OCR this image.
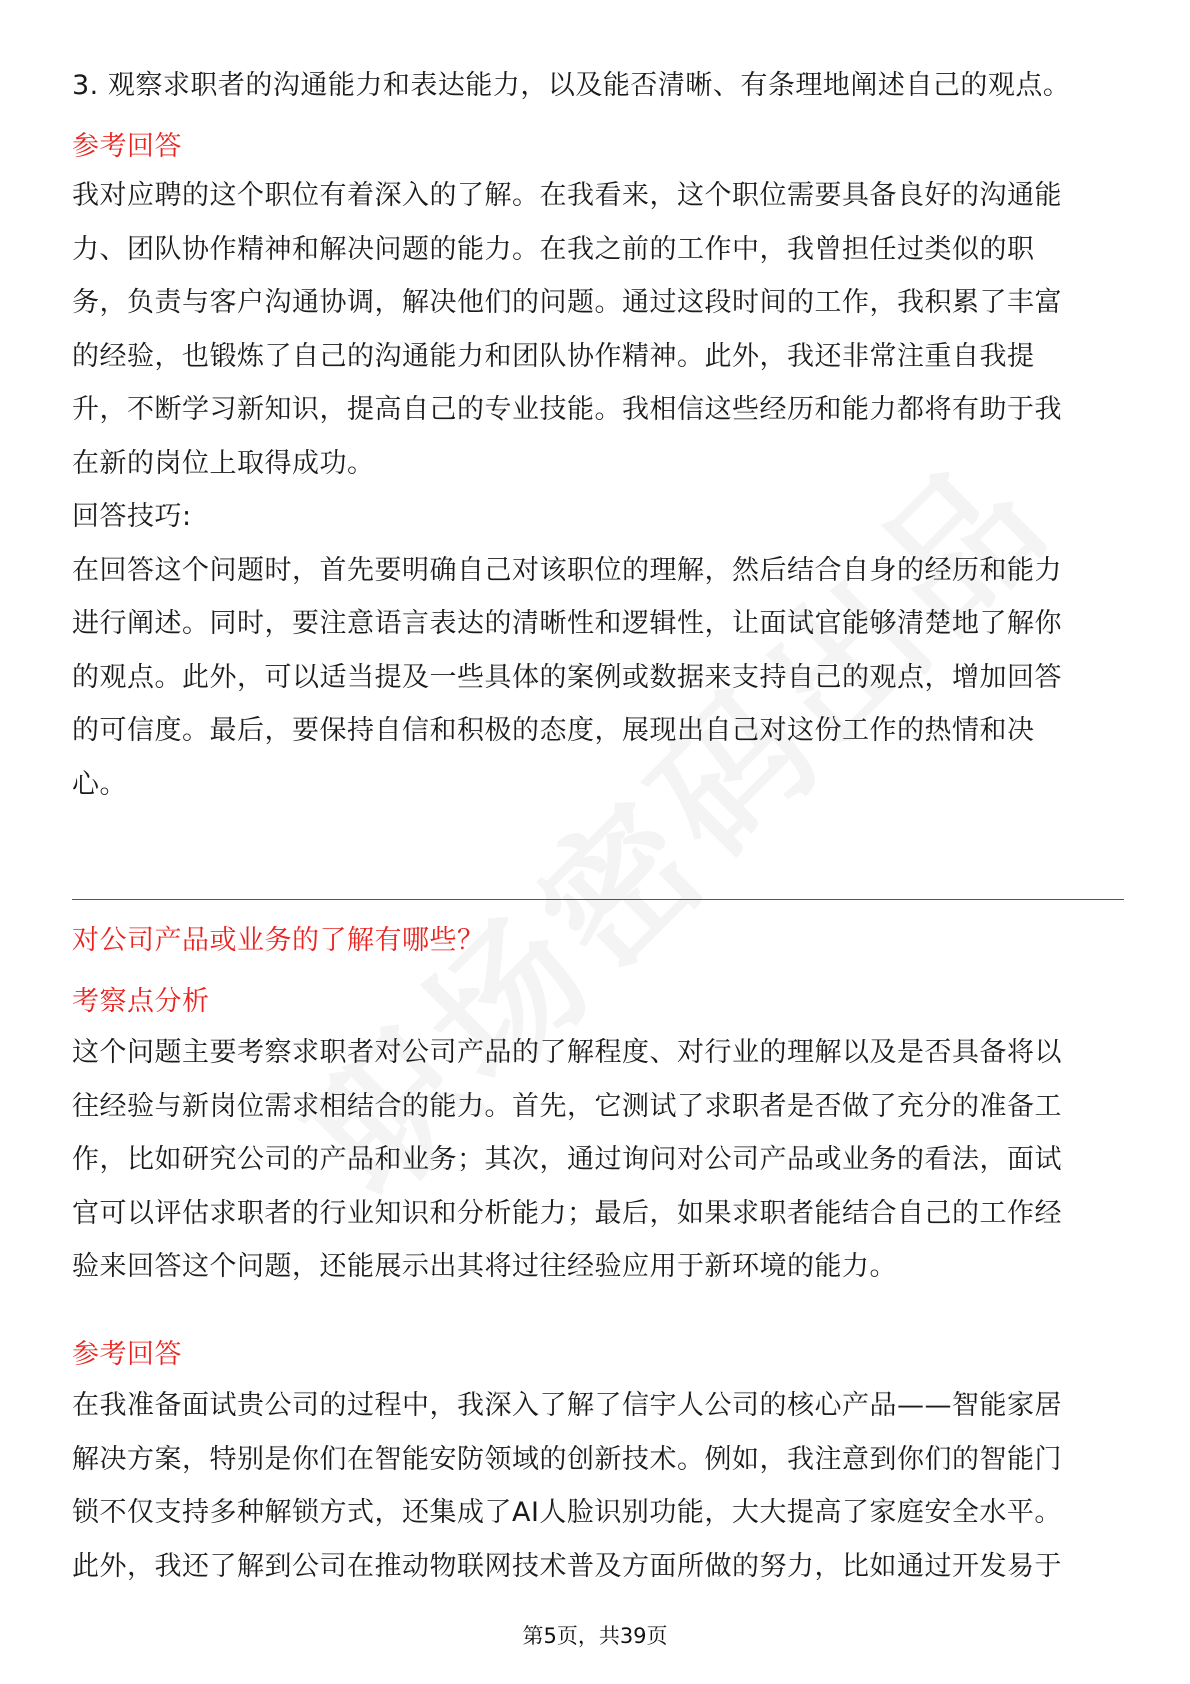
3. 观察求职者的沟通能力和表达能力，以及能否清晰、有条理地阐述自己的观点。
参考回答
我对应聘的这个职位有着深入的了解。在我看来，这个职位需要具备良好的沟通能
力、团队协作精神和解决问题的能力。在我之前的工作中，我曾担任过类似的职
务，负责与客户沟通协调，解决他们的问题。通过这段时间的工作，我积累了丰富
的经验，也锻炼了自己的沟通能力和团队协作精神。此外，我还非常注重自我提
升，不断学习新知识，提高自己的专业技能。我相信这些经历和能力都将有助于我
在新的岗位上取得成功。
回答技巧:
在回答这个问题时，首先要明确自己对该职位的理解，然后结合自身的经历和能力
进行阐述。同时，要注意语言表达的清晰性和逻辑性，让面试官能够清楚地了解你
的观点。此外，可以适当提及一些具体的案例或数据来支持自己的观点，增加回答
的可信度。最后，要保持自信和积极的态度，展现出自己对这份工作的热情和决
心。
对公司产品或业务的了解有哪些？
考察点分析
这个问题主要考察求职者对公司产品的了解程度、对行业的理解以及是否具备将以
往经验与新岗位需求相结合的能力。首先，它测试了求职者是否做了充分的准备工
作，比如研究公司的产品和业务；其次，通过询问对公司产品或业务的看法，面试
官可以评估求职者的行业知识和分析能力；最后，如果求职者能结合自己的工作经
验来回答这个问题，还能展示出其将过往经验应用于新环境的能力。
参考回答
在我准备面试贵公司的过程中，我深入了解了信宇人公司的核心产品——智能家居
解决方案，特别是你们在智能安防领域的创新技术。例如，我注意到你们的智能门
锁不仅支持多种解锁方式，还集成了AI人脸识别功能，大大提高了家庭安全水平。
此外，我还了解到公司在推动物联网技术普及方面所做的努力，比如通过开发易于
第5页，共39页
